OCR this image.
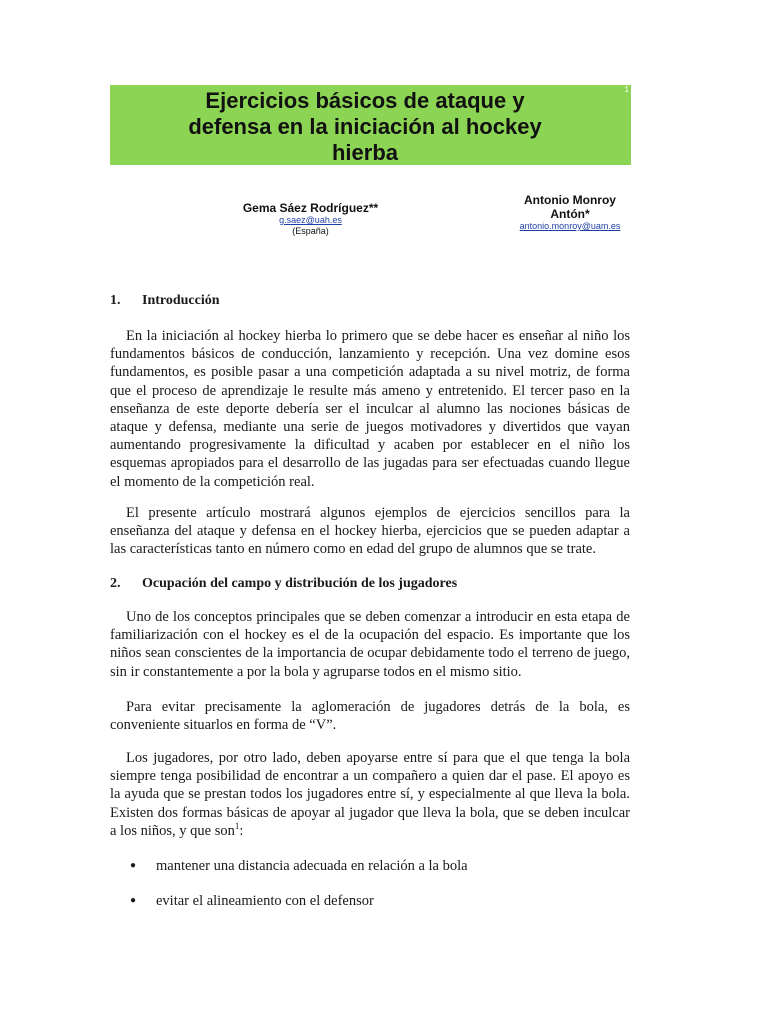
Ejercicios básicos de ataque y
defensa en la iniciación al hockey
hierba
1
Gema Sáez Rodríguez**
g.saez@uah.es
(España)
Antonio Monroy
Antón*
antonio.monroy@uam.es
1. Introducción

En la iniciación al hockey hierba lo primero que se debe hacer es enseñar al niño los fundamentos básicos de conducción, lanzamiento y recepción. Una vez domine esos fundamentos, es posible pasar a una competición adaptada a su nivel motriz, de forma que el proceso de aprendizaje le resulte más ameno y entretenido. El tercer paso en la enseñanza de este deporte debería ser el inculcar al alumno las nociones básicas de ataque y defensa, mediante una serie de juegos motivadores y divertidos que vayan aumentando progresivamente la dificultad y acaben por establecer en el niño los esquemas apropiados para el desarrollo de las jugadas para ser efectuadas cuando llegue el momento de la competición real.

El presente artículo mostrará algunos ejemplos de ejercicios sencillos para la enseñanza del ataque y defensa en el hockey hierba, ejercicios que se pueden adaptar a las características tanto en número como en edad del grupo de alumnos que se trate.

2. Ocupación del campo y distribución de los jugadores

Uno de los conceptos principales que se deben comenzar a introducir en esta etapa de familiarización con el hockey es el de la ocupación del espacio. Es importante que los niños sean conscientes de la importancia de ocupar debidamente todo el terreno de juego, sin ir constantemente a por la bola y agruparse todos en el mismo sitio.

Para evitar precisamente la aglomeración de jugadores detrás de la bola, es conveniente situarlos en forma de “V”.

Los jugadores, por otro lado, deben apoyarse entre sí para que el que tenga la bola siempre tenga posibilidad de encontrar a un compañero a quien dar el pase. El apoyo es la ayuda que se prestan todos los jugadores entre sí, y especialmente al que lleva la bola. Existen dos formas básicas de apoyar al jugador que lleva la bola, que se deben inculcar a los niños, y que son$^1$:

● mantener una distancia adecuada en relación a la bola
● evitar el alineamiento con el defensor
